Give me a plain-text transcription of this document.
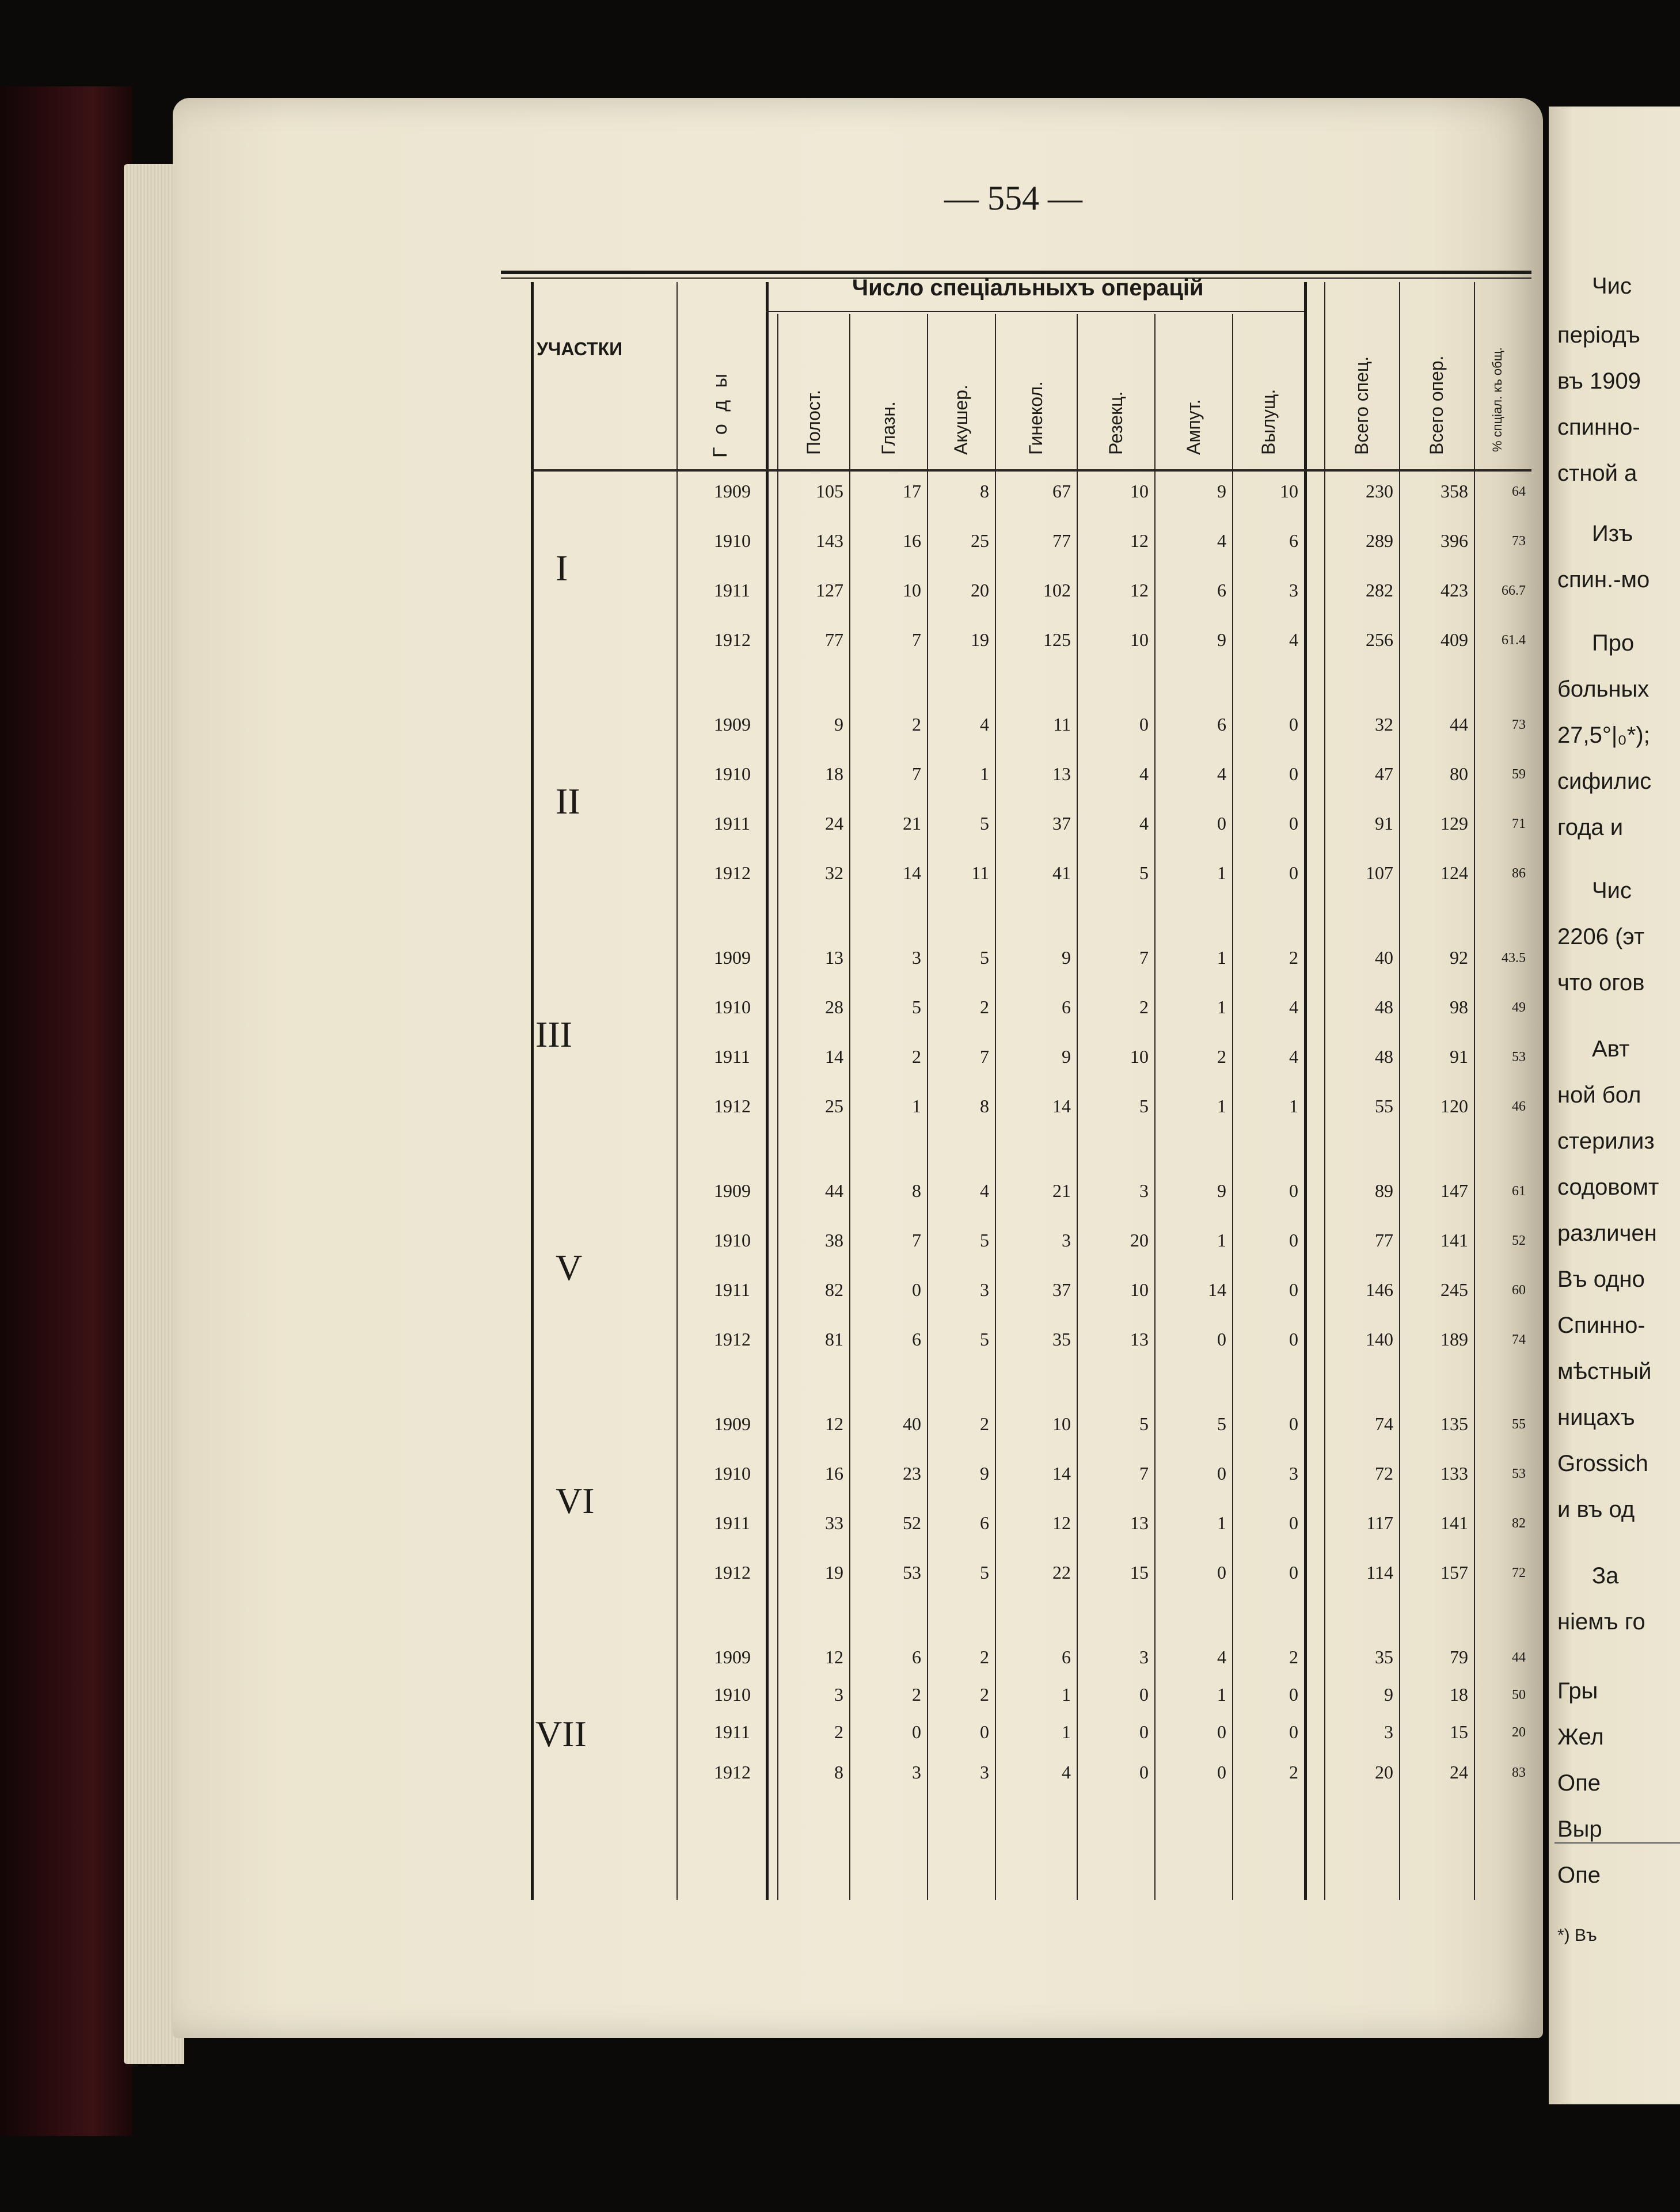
— 554 —
Число спеціальныхъ операцій
УЧАСТКИ
Г о д ы	Полост.	Глазн.	Акушер.	Гинекол.	Резекц.	Ампут.	Вылущ.	Всего спец.	Всего опер.	% спціал. къ общ.
I
1909	105	17	8	67	10	9	10	230	358	64
1910	143	16	25	77	12	4	6	289	396	73
1911	127	10	20	102	12	6	3	282	423	66.7
1912	77	7	19	125	10	9	4	256	409	61.4
II
1909	9	2	4	11	0	6	0	32	44	73
1910	18	7	1	13	4	4	0	47	80	59
1911	24	21	5	37	4	0	0	91	129	71
1912	32	14	11	41	5	1	0	107	124	86
III
1909	13	3	5	9	7	1	2	40	92	43.5
1910	28	5	2	6	2	1	4	48	98	49
1911	14	2	7	9	10	2	4	48	91	53
1912	25	1	8	14	5	1	1	55	120	46
V
1909	44	8	4	21	3	9	0	89	147	61
1910	38	7	5	3	20	1	0	77	141	52
1911	82	0	3	37	10	14	0	146	245	60
1912	81	6	5	35	13	0	0	140	189	74
VI
1909	12	40	2	10	5	5	0	74	135	55
1910	16	23	9	14	7	0	3	72	133	53
1911	33	52	6	12	13	1	0	117	141	82
1912	19	53	5	22	15	0	0	114	157	72
VII
1909	12	6	2	6	3	4	2	35	79	44
1910	3	2	2	1	0	1	0	9	18	50
1911	2	0	0	1	0	0	0	3	15	20
1912	8	3	3	4	0	0	2	20	24	83
Чис
періодъ
въ 1909
спинно-
стной а
Изъ
спин.-мо
Про
больных
27,5°|₀*);
сифилис
года и
Чис
2206 (эт
что огов
Авт
ной бол
стерилиз
содовомт
различен
Въ одно
Спинно-
мѣстный
ницахъ
Grossich
и въ од
За
ніемъ го
Гры
Жел
Опе
Выр
Опе
*) Въ
